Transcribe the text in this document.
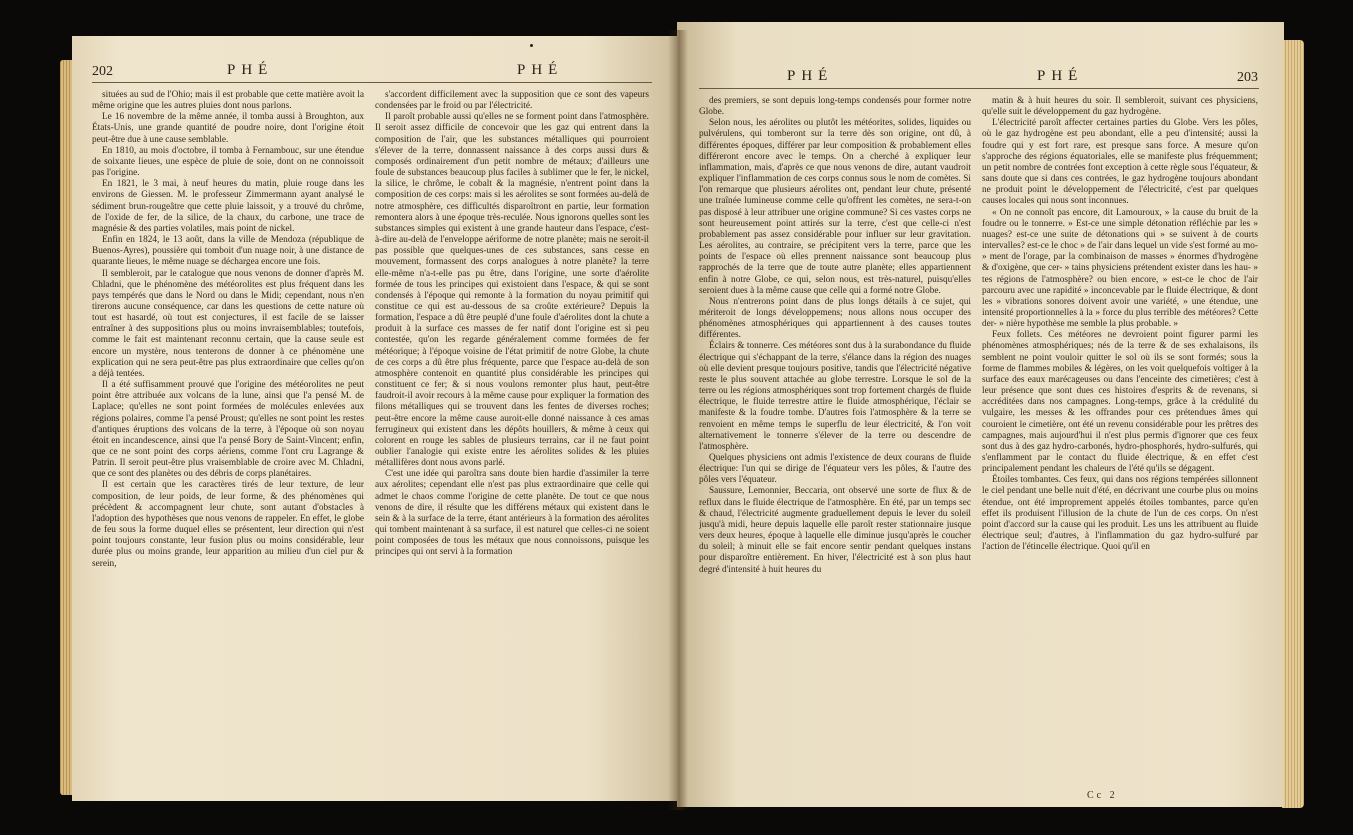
202	PHÉ	PHÉ

situées au sud de l'Ohio; mais il est probable que cette matière avoit la même origine que les autres pluies dont nous parlons.

Le 16 novembre de la même année, il tomba aussi à Broughton, aux États-Unis, une grande quantité de poudre noire, dont l'origine étoit peut-être due à une cause semblable.

En 1810, au mois d'octobre, il tomba à Fernambouc, sur une étendue de soixante lieues, une espèce de pluie de soie, dont on ne connoissoit pas l'origine.

En 1821, le 3 mai, à neuf heures du matin, pluie rouge dans les environs de Giessen. M. le professeur Zimmermann ayant analysé le sédiment brun-rougeâtre que cette pluie laissoit, y a trouvé du chrôme, de l'oxide de fer, de la silice, de la chaux, du carbone, une trace de magnésie & des parties volatiles, mais point de nickel.

Enfin en 1824, le 13 août, dans la ville de Mendoza (république de Buenos-Ayres), poussière qui tomboit d'un nuage noir, à une distance de quarante lieues, le même nuage se déchargea encore une fois.

Il sembleroit, par le catalogue que nous venons de donner d'après M. Chladni, que le phénomène des météorolites est plus fréquent dans les pays tempérés que dans le Nord ou dans le Midi; cependant, nous n'en tirerons aucune conséquence, car dans les questions de cette nature où tout est hasardé, où tout est conjectures, il est facile de se laisser entraîner à des suppositions plus ou moins invraisemblables; toutefois, comme le fait est maintenant reconnu certain, que la cause seule est encore un mystère, nous tenterons de donner à ce phénomène une explication qui ne sera peut-être pas plus extraordinaire que celles qu'on a déjà tentées.

Il a été suffisamment prouvé que l'origine des météorolites ne peut point être attribuée aux volcans de la lune, ainsi que l'a pensé M. de Laplace; qu'elles ne sont point formées de molécules enlevées aux régions polaires, comme l'a pensé Proust; qu'elles ne sont point les restes d'antiques éruptions des volcans de la terre, à l'époque où son noyau étoit en incandescence, ainsi que l'a pensé Bory de Saint-Vincent; enfin, que ce ne sont point des corps aériens, comme l'ont cru Lagrange & Patrin. Il seroit peut-être plus vraisemblable de croire avec M. Chladni, que ce sont des planètes ou des débris de corps planétaires.

Il est certain que les caractères tirés de leur texture, de leur composition, de leur poids, de leur forme, & des phénomènes qui précèdent & accompagnent leur chute, sont autant d'obstacles à l'adoption des hypothèses que nous venons de rappeler. En effet, le globe de feu sous la forme duquel elles se présentent, leur direction qui n'est point toujours constante, leur fusion plus ou moins considérable, leur durée plus ou moins grande, leur apparition au milieu d'un ciel pur & serein,

s'accordent difficilement avec la supposition que ce sont des vapeurs condensées par le froid ou par l'électricité.

Il paroît probable aussi qu'elles ne se forment point dans l'atmosphère. Il seroit assez difficile de concevoir que les gaz qui entrent dans la composition de l'air, que les substances métalliques qui pourroient s'élever de la terre, donnassent naissance à des corps aussi durs & composés ordinairement d'un petit nombre de métaux; d'ailleurs une foule de substances beaucoup plus faciles à sublimer que le fer, le nickel, la silice, le chrôme, le cobalt & la magnésie, n'entrent point dans la composition de ces corps: mais si les aérolites se sont formées au-delà de notre atmosphère, ces difficultés disparoîtront en partie, leur formation remontera alors à une époque très-reculée. Nous ignorons quelles sont les substances simples qui existent à une grande hauteur dans l'espace, c'est-à-dire au-delà de l'enveloppe aériforme de notre planète; mais ne seroit-il pas possible que quelques-unes de ces substances, sans cesse en mouvement, formassent des corps analogues à notre planète? la terre elle-même n'a-t-elle pas pu être, dans l'origine, une sorte d'aérolite formée de tous les principes qui existoient dans l'espace, & qui se sont condensés à l'époque qui remonte à la formation du noyau primitif qui constitue ce qui est au-dessous de sa croûte extérieure? Depuis la formation, l'espace a dû être peuplé d'une foule d'aérolites dont la chute a produit à la surface ces masses de fer natif dont l'origine est si peu contestée, qu'on les regarde généralement comme formées de fer météorique; à l'époque voisine de l'état primitif de notre Globe, la chute de ces corps a dû être plus fréquente, parce que l'espace au-delà de son atmosphère contenoit en quantité plus considérable les principes qui constituent ce fer; & si nous voulons remonter plus haut, peut-être faudroit-il avoir recours à la même cause pour expliquer la formation des filons métalliques qui se trouvent dans les fentes de diverses roches; peut-être encore la même cause auroit-elle donné naissance à ces amas ferrugineux qui existent dans les dépôts houillers, & même à ceux qui colorent en rouge les sables de plusieurs terrains, car il ne faut point oublier l'analogie qui existe entre les aérolites solides & les pluies métallifères dont nous avons parlé.

C'est une idée qui paroîtra sans doute bien hardie d'assimiler la terre aux aérolites; cependant elle n'est pas plus extraordinaire que celle qui admet le chaos comme l'origine de cette planète. De tout ce que nous venons de dire, il résulte que les différens métaux qui existent dans le sein & à la surface de la terre, étant antérieurs à la formation des aérolites qui tombent maintenant à sa surface, il est naturel que celles-ci ne soient point composées de tous les métaux que nous connoissons, puisque les principes qui ont servi à la formation

PHÉ	PHÉ	203

des premiers, se sont depuis long-temps condensés pour former notre Globe.

Selon nous, les aérolites ou plutôt les météorites, solides, liquides ou pulvérulens, qui tomberont sur la terre dès son origine, ont dû, à différentes époques, différer par leur composition & probablement elles différeront encore avec le temps. On a cherché à expliquer leur inflammation, mais, d'après ce que nous venons de dire, autant vaudroit expliquer l'inflammation de ces corps connus sous le nom de comètes. Si l'on remarque que plusieurs aérolites ont, pendant leur chute, présenté une traînée lumineuse comme celle qu'offrent les comètes, ne sera-t-on pas disposé à leur attribuer une origine commune? Si ces vastes corps ne sont heureusement point attirés sur la terre, c'est que celle-ci n'est probablement pas assez considérable pour influer sur leur gravitation. Les aérolites, au contraire, se précipitent vers la terre, parce que les points de l'espace où elles prennent naissance sont beaucoup plus rapprochés de la terre que de toute autre planète; elles appartiennent enfin à notre Globe, ce qui, selon nous, est très-naturel, puisqu'elles seroient dues à la même cause que celle qui a formé notre Globe.

Nous n'entrerons point dans de plus longs détails à ce sujet, qui mériteroit de longs développemens; nous allons nous occuper des phénomènes atmosphériques qui appartiennent à des causes toutes différentes.

Éclairs & tonnerre. Ces météores sont dus à la surabondance du fluide électrique qui s'échappant de la terre, s'élance dans la région des nuages où elle devient presque toujours positive, tandis que l'électricité négative reste le plus souvent attachée au globe terrestre. Lorsque le sol de la terre ou les régions atmosphériques sont trop fortement chargés de fluide électrique, le fluide terrestre attire le fluide atmosphérique, l'éclair se manifeste & la foudre tombe. D'autres fois l'atmosphère & la terre se renvoient en même temps le superflu de leur électricité, & l'on voit alternativement le tonnerre s'élever de la terre ou descendre de l'atmosphère.

Quelques physiciens ont admis l'existence de deux courans de fluide électrique: l'un qui se dirige de l'équateur vers les pôles, & l'autre des pôles vers l'équateur.

Saussure, Lemonnier, Beccaria, ont observé une sorte de flux & de reflux dans le fluide électrique de l'atmosphère. En été, par un temps sec & chaud, l'électricité augmente graduellement depuis le lever du soleil jusqu'à midi, heure depuis laquelle elle paroît rester stationnaire jusque vers deux heures, époque à laquelle elle diminue jusqu'après le coucher du soleil; à minuit elle se fait encore sentir pendant quelques instans pour disparoître entièrement. En hiver, l'électricité est à son plus haut degré d'intensité à huit heures du

matin & à huit heures du soir. Il sembleroit, suivant ces physiciens, qu'elle suit le développement du gaz hydrogène.

L'électricité paroît affecter certaines parties du Globe. Vers les pôles, où le gaz hydrogène est peu abondant, elle a peu d'intensité; aussi la foudre qui y est fort rare, est presque sans force. A mesure qu'on s'approche des régions équatoriales, elle se manifeste plus fréquemment; un petit nombre de contrées font exception à cette règle sous l'équateur, & sans doute que si dans ces contrées, le gaz hydrogène toujours abondant ne produit point le développement de l'électricité, c'est par quelques causes locales qui nous sont inconnues.

« On ne connoît pas encore, dit Lamouroux, » la cause du bruit de la foudre ou le tonnerre. » Est-ce une simple détonation réfléchie par les » nuages? est-ce une suite de détonations qui » se suivent à de courts intervalles? est-ce le choc » de l'air dans lequel un vide s'est formé au mo- » ment de l'orage, par la combinaison de masses » énormes d'hydrogène & d'oxigène, que cer- » tains physiciens prétendent exister dans les hau- » tes régions de l'atmosphère? ou bien encore, » est-ce le choc de l'air parcouru avec une rapidité » inconcevable par le fluide électrique, & dont les » vibrations sonores doivent avoir une variété, » une étendue, une intensité proportionnelles à la » force du plus terrible des météores? Cette der- » nière hypothèse me semble la plus probable. »

Feux follets. Ces météores ne devroient point figurer parmi les phénomènes atmosphériques; nés de la terre & de ses exhalaisons, ils semblent ne point vouloir quitter le sol où ils se sont formés; sous la forme de flammes mobiles & légères, on les voit quelquefois voltiger à la surface des eaux marécageuses ou dans l'enceinte des cimetières; c'est à leur présence que sont dues ces histoires d'esprits & de revenans, si accréditées dans nos campagnes. Long-temps, grâce à la crédulité du vulgaire, les messes & les offrandes pour ces prétendues âmes qui couroient le cimetière, ont été un revenu considérable pour les prêtres des campagnes, mais aujourd'hui il n'est plus permis d'ignorer que ces feux sont dus à des gaz hydro-carbonés, hydro-phosphorés, hydro-sulfurés, qui s'enflamment par le contact du fluide électrique, & en effet c'est principalement pendant les chaleurs de l'été qu'ils se dégagent.

Étoiles tombantes. Ces feux, qui dans nos régions tempérées sillonnent le ciel pendant une belle nuit d'été, en décrivant une courbe plus ou moins étendue, ont été improprement appelés étoiles tombantes, parce qu'en effet ils produisent l'illusion de la chute de l'un de ces corps. On n'est point d'accord sur la cause qui les produit. Les uns les attribuent au fluide électrique seul; d'autres, à l'inflammation du gaz hydro-sulfuré par l'action de l'étincelle électrique. Quoi qu'il en

Cc 2
